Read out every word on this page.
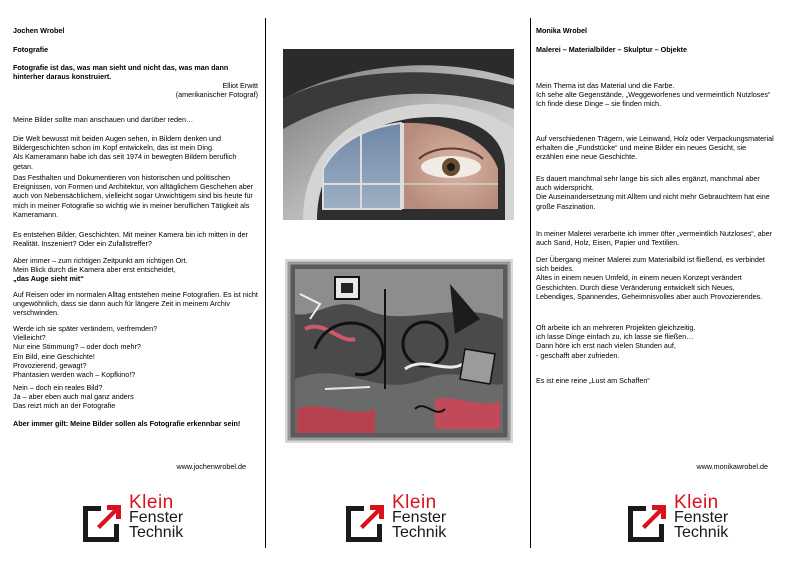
Jochen Wrobel

Fotografie

Fotografie ist das, was man sieht und nicht das, was man dann hinterher daraus konstruiert.

Elliot Erwitt

(amerikanischer Fotograf)

Meine Bilder sollte man anschauen und darüber reden…

Die Welt bewusst mit beiden Augen sehen, in Bildern denken und Bildergeschichten schon im Kopf entwickeln, das ist mein Ding.
Als Kameramann habe ich das seit 1974 in bewegten Bildern beruflich getan.

Das Festhalten und Dokumentieren von historischen und politischen Ereignissen, von Formen und Architektur, von alltäglichem Geschehen aber auch von Nebensächlichem, vielleicht sogar Unwichtigem sind bis heute für mich in meiner Fotografie so wichtig wie in meiner beruflichen Tätigkeit als Kameramann.

Es entstehen Bilder, Geschichten. Mit meiner Kamera bin ich mitten in der Realität. Inszeniert? Oder ein Zufallstreffer?

Aber immer – zum richtigen Zeitpunkt am richtigen Ort.
Mein Blick durch die Kamera aber erst entscheidet,

„das Auge sieht mit“

Auf Reisen oder im normalen Alltag entstehen meine Fotografien. Es ist nicht ungewöhnlich, dass sie dann auch für längere Zeit in meinem Archiv verschwinden.

Werde ich sie später verändern, verfremden?
Vielleicht?
Nur eine Stimmung? – oder doch mehr?
Ein Bild, eine Geschichte!
Provozierend, gewagt?
Phantasien werden wach – Kopfkino!?

Nein – doch ein reales Bild?
Ja – aber eben auch mal ganz anders
Das reizt mich an der Fotografie

Aber immer gilt: Meine Bilder sollen als Fotografie erkennbar sein!

www.jochenwrobel.de

Klein
Fenster
Technik
Klein
Fenster
Technik

Monika Wrobel

Malerei – Materialbilder – Skulptur – Objekte

Mein Thema ist das Material und die Farbe.
Ich sehe alte Gegenstände, „Weggeworfenes und vermeintlich Nutzloses“
Ich finde diese Dinge – sie finden mich.

Auf verschiedenen Trägern, wie Leinwand, Holz oder Verpackungsmaterial erhalten die „Fundstücke“ und meine Bilder ein neues Gesicht, sie erzählen eine neue Geschichte.

Es dauert manchmal sehr lange bis sich alles ergänzt, manchmal aber auch widerspricht.
Die Auseinandersetzung mit Alltem und nicht mehr Gebrauchtem hat eine große Faszination.

In meiner Malerei verarbeite ich immer öfter „vermeintlich Nutzloses“, aber auch Sand, Holz, Eisen, Papier und Textilien.

Der Übergang meiner Malerei zum Materialbild ist fließend, es verbindet sich beides.
Altes in einem neuen Umfeld, in einem neuen Konzept verändert Geschichten. Durch diese Veränderung entwickelt sich Neues, Lebendiges, Spannendes, Geheimnisvolles aber auch Provozierendes.

Oft arbeite ich an mehreren Projekten gleichzeitig,
ich lasse Dinge einfach zu, ich lasse sie fließen…
Dann höre ich erst nach vielen Stunden auf,
- geschafft aber zufrieden.

Es ist eine reine „Lust am Schaffen“

www.monikawrobel.de

Klein
Fenster
Technik
